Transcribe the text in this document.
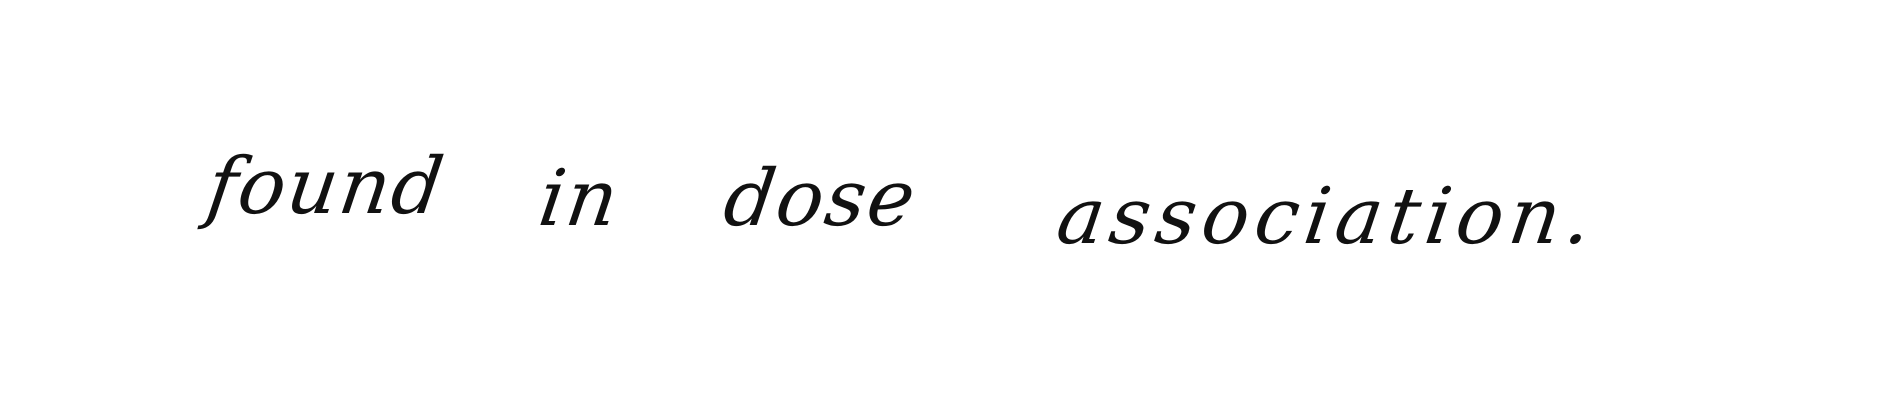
found in dose association.
